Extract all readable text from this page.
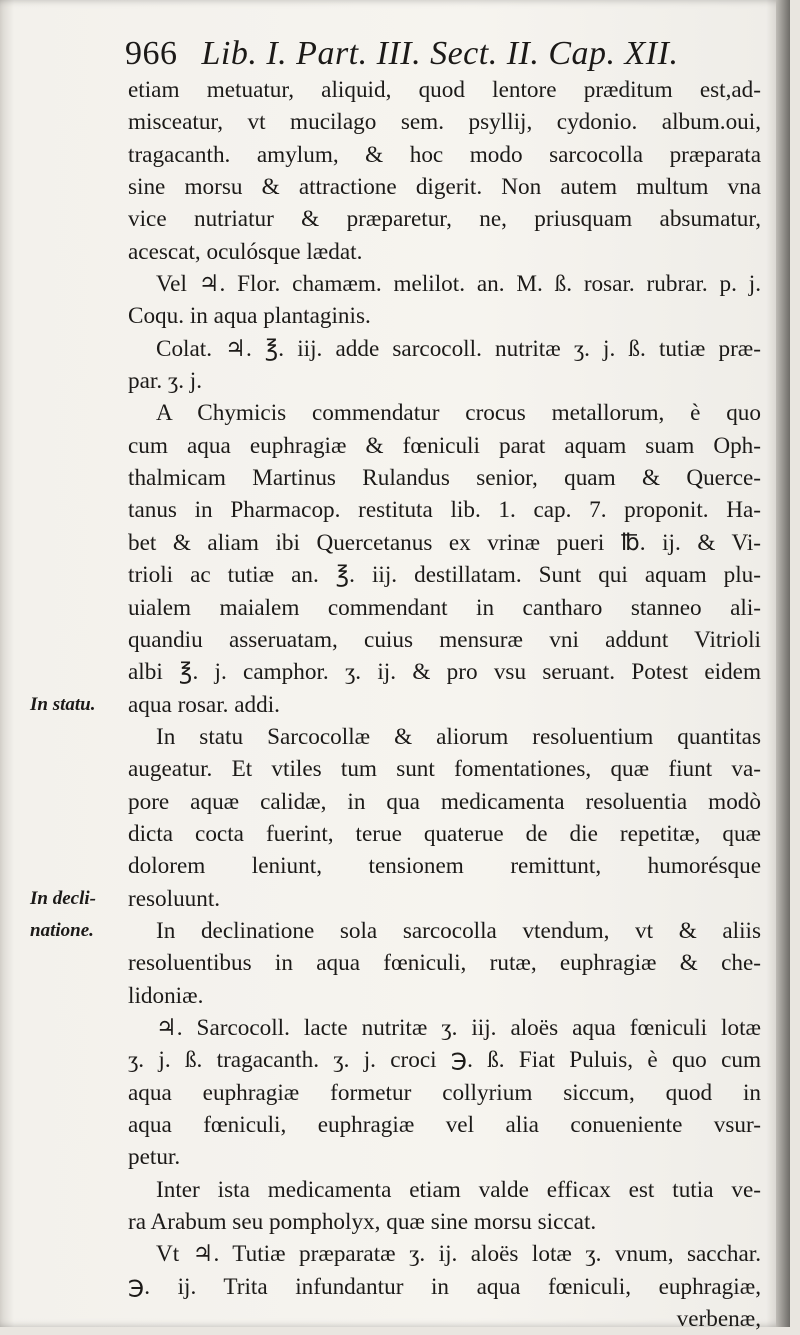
966 Lib. I. Part. III. Sect. II. Cap. XII.
In statu.
In decli-
natione.
etiam metuatur, aliquid, quod lentore præditum est,ad-
misceatur, vt mucilago sem. psyllij, cydonio. album.oui,
tragacanth. amylum, & hoc modo sarcocolla præparata
sine morsu & attractione digerit. Non autem multum vna
vice nutriatur & præparetur, ne, priusquam absumatur,
acescat, oculósque lædat.
Vel ♃. Flor. chamæm. melilot. an. M. ß. rosar. rubrar. p. j.
Coqu. in aqua plantaginis.
Colat. ♃. ℥. iij. adde sarcocoll. nutritæ ʒ. j. ß. tutiæ præ-
par. ʒ. j.
A Chymicis commendatur crocus metallorum, è quo
cum aqua euphragiæ & fœniculi parat aquam suam Oph-
thalmicam Martinus Rulandus senior, quam & Querce-
tanus in Pharmacop. restituta lib. 1. cap. 7. proponit. Ha-
bet & aliam ibi Quercetanus ex vrinæ pueri ℔. ij. & Vi-
trioli ac tutiæ an. ℥. iij. destillatam. Sunt qui aquam plu-
uialem maialem commendant in cantharo stanneo ali-
quandiu asseruatam, cuius mensuræ vni addunt Vitrioli
albi ℥. j. camphor. ʒ. ij. & pro vsu seruant. Potest eidem
aqua rosar. addi.
In statu Sarcocollæ & aliorum resoluentium quantitas
augeatur. Et vtiles tum sunt fomentationes, quæ fiunt va-
pore aquæ calidæ, in qua medicamenta resoluentia modò
dicta cocta fuerint, terue quaterue de die repetitæ, quæ
dolorem leniunt, tensionem remittunt, humorésque
resoluunt.
In declinatione sola sarcocolla vtendum, vt & aliis
resoluentibus in aqua fœniculi, rutæ, euphragiæ & che-
lidoniæ.
♃. Sarcocoll. lacte nutritæ ʒ. iij. aloës aqua fœniculi lotæ
ʒ. j. ß. tragacanth. ʒ. j. croci ℈. ß. Fiat Puluis, è quo cum
aqua euphragiæ formetur collyrium siccum, quod in
aqua fœniculi, euphragiæ vel alia conueniente vsur-
petur.
Inter ista medicamenta etiam valde efficax est tutia ve-
ra Arabum seu pompholyx, quæ sine morsu siccat.
Vt ♃. Tutiæ præparatæ ʒ. ij. aloës lotæ ʒ. vnum, sacchar.
℈. ij. Trita infundantur in aqua fœniculi, euphragiæ,
verbenæ,
